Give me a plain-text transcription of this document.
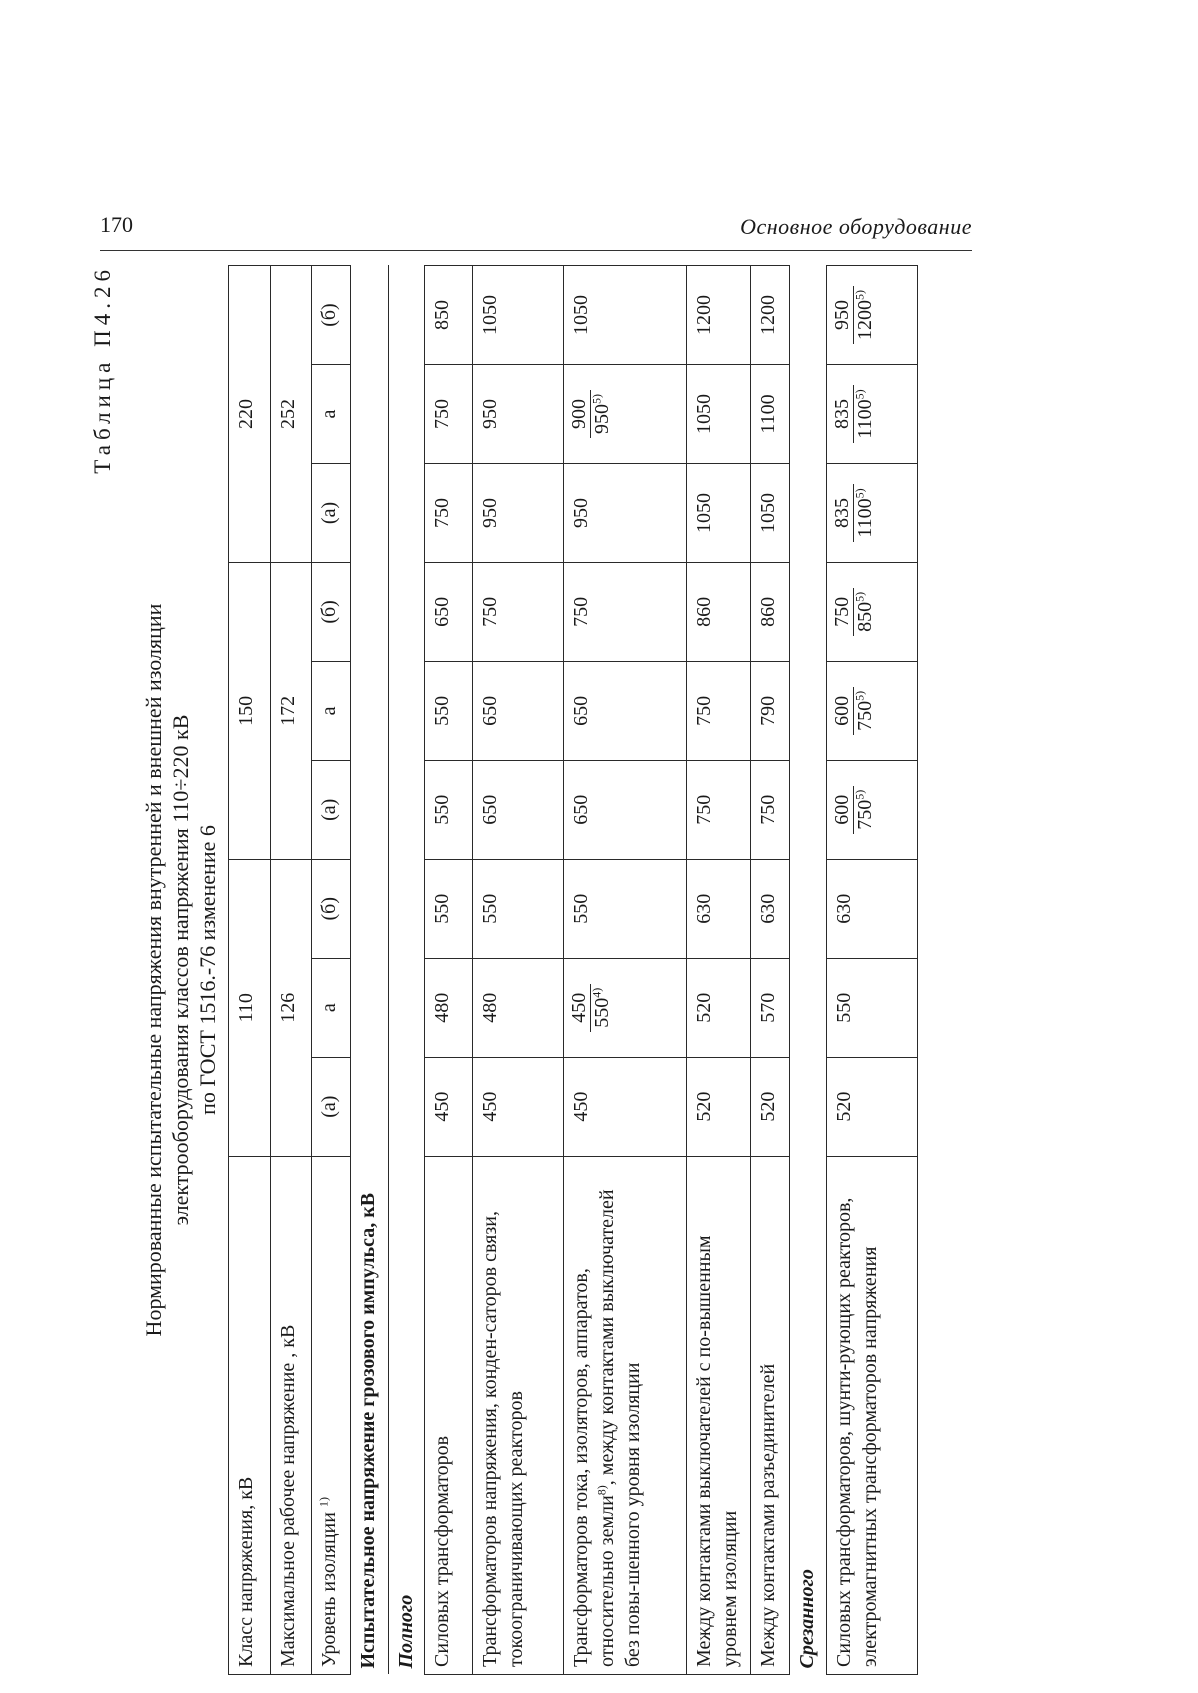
170	Основное оборудование
Таблица П4.26
Нормированные испытательные напряжения внутренней и внешней изоляции электрооборудования классов напряжения 110÷220 кВ по ГОСТ 1516.-76 изменение 6
Класс напряжения, кВ	110			150			220		
Максимальное рабочее напряжение , кВ	126			172			252		
Уровень изоляции $^{1)}$	(а)	а	(б)	(а)	а	(б)	(а)	а	(б)
Испытательное напряжение грозового импульса, кВ									
Полного									
Силовых трансформаторов	450	480	550	550	550	650	750	750	850
Трансформаторов напряжения, конден-саторов связи, токоограничивающих реакторов	450	480	550	650	650	750	950	950	1050
Трансформаторов тока, изоляторов, аппаратов, относительно земли$^{8)}$, между контактами выключателей без повы-шенного уровня изоляции	450	450 550$^{4)}$	550	650	650	750	950	900 950$^{5)}$	1050
Между контактами выключателей с по-вышенным уровнем изоляции	520	520	630	750	750	860	1050	1050	1200
Между контактами разъединителей	520	570	630	750	790	860	1050	1100	1200
Срезанного									
Силовых трансформаторов, шунти-рующих реакторов, электромагнитных трансформаторов напряжения	520	550	630	600 750$^{5)}$	600 750$^{5)}$	750 850$^{5)}$	835 1100$^{5)}$	835 1100$^{5)}$	950 1200$^{5)}$
